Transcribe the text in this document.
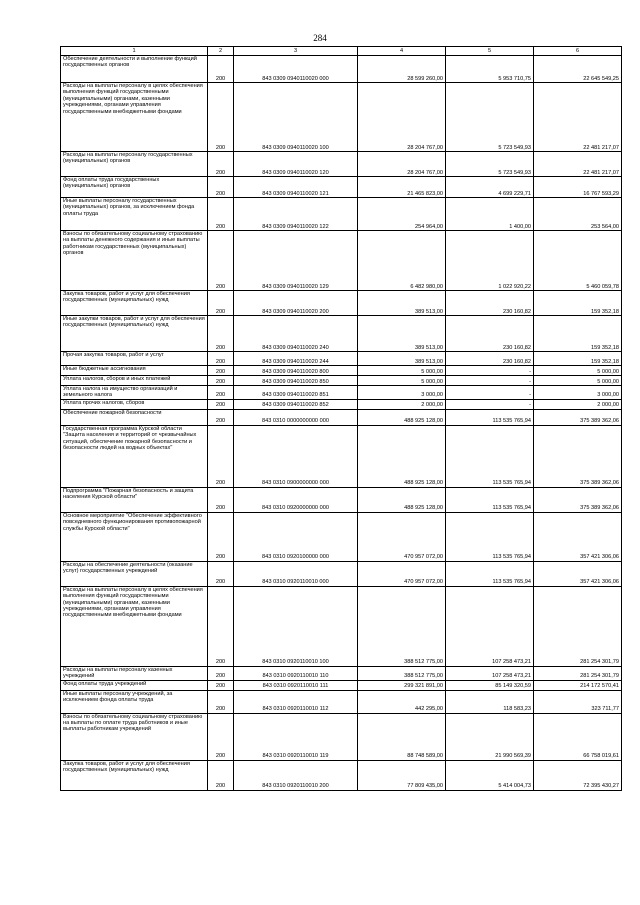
284
1	2	3	4	5	6

Обеспечение деятельности и выполнение функций государственных органов	200	843 0309 0940110020 000	28 599 260,00	5 953 710,75	22 645 549,25

Расходы на выплаты персоналу в целях обеспечения выполнения функций государственными (муниципальными) органами, казенными учреждениями, органами управления государственными внебюджетными фондами	200	843 0309 0940110020 100	28 204 767,00	5 723 549,93	22 481 217,07

Расходы на выплаты персоналу государственных (муниципальных) органов	200	843 0309 0940110020 120	28 204 767,00	5 723 549,93	22 481 217,07

Фонд оплаты труда государственных (муниципальных) органов	200	843 0309 0940110020 121	21 465 823,00	4 699 229,71	16 767 593,29

Иные выплаты персоналу государственных (муниципальных) органов, за исключением фонда оплаты труда	200	843 0309 0940110020 122	254 964,00	1 400,00	253 564,00

Взносы по обязательному социальному страхованию на выплаты денежного содержания и иные выплаты работникам государственных (муниципальных) органов	200	843 0309 0940110020 129	6 482 980,00	1 022 920,22	5 460 059,78

Закупка товаров, работ и услуг для обеспечения государственных (муниципальных) нужд	200	843 0309 0940110020 200	389 513,00	230 160,82	159 352,18

Иные закупки товаров, работ и услуг для обеспечения государственных (муниципальных) нужд	200	843 0309 0940110020 240	389 513,00	230 160,82	159 352,18

Прочая закупка товаров, работ и услуг	200	843 0309 0940110020 244	389 513,00	230 160,82	159 352,18

Иные бюджетные ассигнования	200	843 0309 0940110020 800	5 000,00	-	5 000,00

Уплата налогов, сборов и иных платежей	200	843 0309 0940110020 850	5 000,00	-	5 000,00

Уплата налога на имущество организаций и земельного налога	200	843 0309 0940110020 851	3 000,00	-	3 000,00

Уплата прочих налогов, сборов	200	843 0309 0940110020 852	2 000,00	-	2 000,00

Обеспечение пожарной безопасности	200	843 0310 0000000000 000	488 925 128,00	113 535 765,94	375 389 362,06

Государственная программа Курской области "Защита населения и территорий от чрезвычайных ситуаций, обеспечение пожарной безопасности и безопасности людей на водных объектах"	200	843 0310 0900000000 000	488 925 128,00	113 535 765,94	375 389 362,06

Подпрограмма "Пожарная безопасность и защита населения Курской области"	200	843 0310 0920000000 000	488 925 128,00	113 535 765,94	375 389 362,06

Основное мероприятие "Обеспечение эффективного повседневного функционирования противопожарной службы Курской области"	200	843 0310 0920100000 000	470 957 072,00	113 535 765,94	357 421 306,06

Расходы на обеспечение деятельности (оказание услуг) государственных учреждений	200	843 0310 0920110010 000	470 957 072,00	113 535 765,94	357 421 306,06

Расходы на выплаты персоналу в целях обеспечения выполнения функций государственными (муниципальными) органами, казенными учреждениями, органами управления государственными внебюджетными фондами	200	843 0310 0920110010 100	388 512 775,00	107 258 473,21	281 254 301,79

Расходы на выплаты персоналу казенных учреждений	200	843 0310 0920110010 110	388 512 775,00	107 258 473,21	281 254 301,79

Фонд оплаты труда учреждений	200	843 0310 0920110010 111	299 321 891,00	85 149 320,59	214 172 570,41

Иные выплаты персоналу учреждений, за исключением фонда оплаты труда	200	843 0310 0920110010 112	442 295,00	118 583,23	323 711,77

Взносы по обязательному социальному страхованию на выплаты по оплате труда работников и иные выплаты работникам учреждений	200	843 0310 0920110010 119	88 748 589,00	21 990 569,39	66 758 019,61

Закупка товаров, работ и услуг для обеспечения государственных (муниципальных) нужд	200	843 0310 0920110010 200	77 809 435,00	5 414 004,73	72 395 430,27
